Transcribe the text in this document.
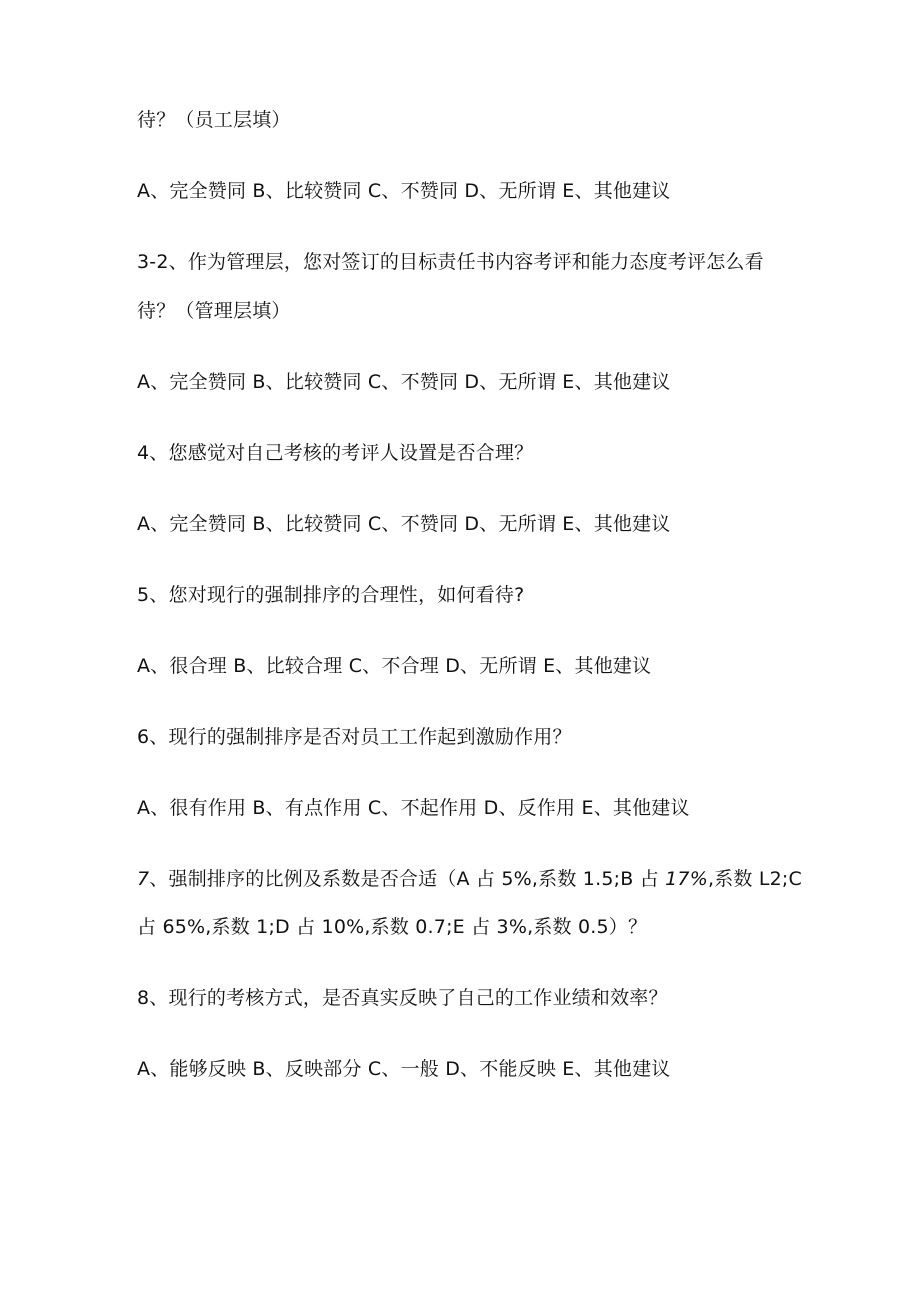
待？（员工层填）
A、完全赞同 B、比较赞同 C、不赞同 D、无所谓 E、其他建议
3-2、作为管理层，您对签订的目标责任书内容考评和能力态度考评怎么看
待？（管理层填）
A、完全赞同 B、比较赞同 C、不赞同 D、无所谓 E、其他建议
4、您感觉对自己考核的考评人设置是否合理？
A、完全赞同 B、比较赞同 C、不赞同 D、无所谓 E、其他建议
5、您对现行的强制排序的合理性，如何看待?
A、很合理 B、比较合理 C、不合理 D、无所谓 E、其他建议
6、现行的强制排序是否对员工工作起到激励作用？
A、很有作用 B、有点作用 C、不起作用 D、反作用 E、其他建议
7、强制排序的比例及系数是否合适（A 占 5%,系数 1.5;B 占 17%,系数 L2;C
占 65%,系数 1;D 占 10%,系数 0.7;E 占 3%,系数 0.5）？
8、现行的考核方式，是否真实反映了自己的工作业绩和效率？
A、能够反映 B、反映部分 C、一般 D、不能反映 E、其他建议
